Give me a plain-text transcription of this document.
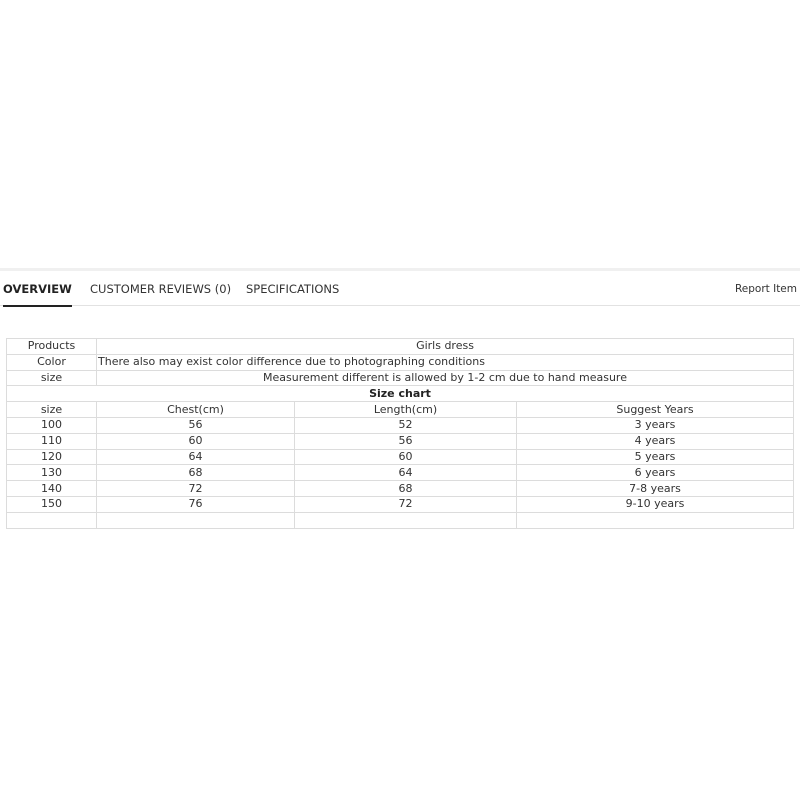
OVERVIEW CUSTOMER REVIEWS (0) SPECIFICATIONS	Report Item
Products	Girls dress		
Color	There also may exist color difference due to photographing conditions		
size	Measurement different is allowed by 1-2 cm due to hand measure		
Size chart			
size	Chest(cm)	Length(cm)	Suggest Years
100	56	52	3 years
110	60	56	4 years
120	64	60	5 years
130	68	64	6 years
140	72	68	7-8 years
150	76	72	9-10 years
